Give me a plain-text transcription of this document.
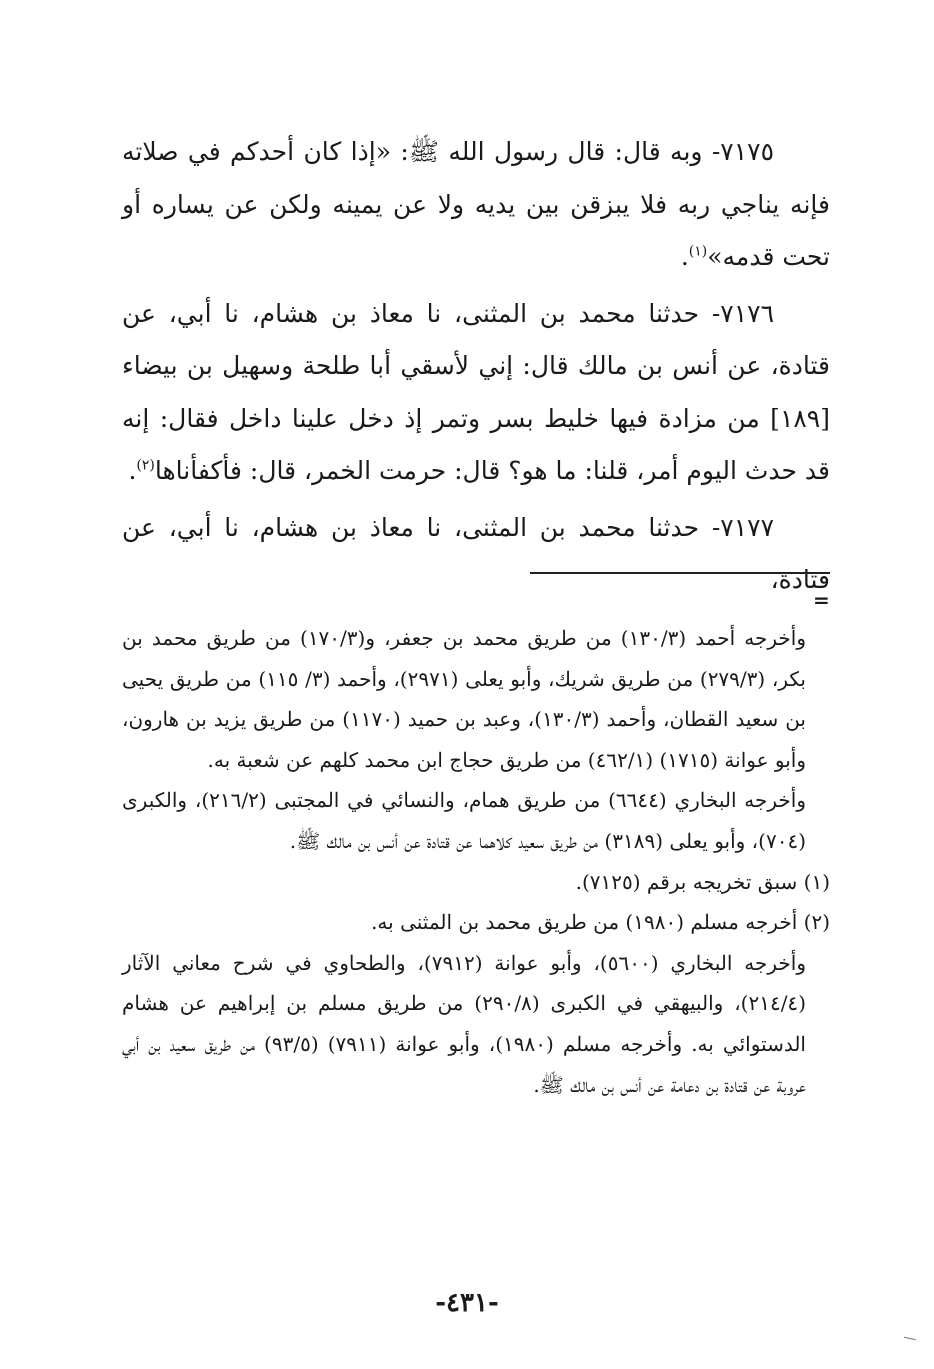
٧١٧٥- وبه قال: قال رسول الله ﷺ: «إذا كان أحدكم في صلاته فإنه يناجي ربه فلا يبزقن بين يديه ولا عن يمينه ولكن عن يساره أو تحت قدمه»$^{(١)}$.

٧١٧٦- حدثنا محمد بن المثنى، نا معاذ بن هشام، نا أبي، عن قتادة، عن أنس بن مالك قال: إني لأسقي أبا طلحة وسهيل بن بيضاء [١٨٩] من مزادة فيها خليط بسر وتمر إذ دخل علينا داخل فقال: إنه قد حدث اليوم أمر، قلنا: ما هو؟ قال: حرمت الخمر، قال: فأكفأناها$^{(٢)}$.

٧١٧٧- حدثنا محمد بن المثنى، نا معاذ بن هشام، نا أبي، عن قتادة،

=

وأخرجه أحمد (١٣٠/٣) من طريق محمد بن جعفر، و(١٧٠/٣) من طريق محمد بن بكر، (٢٧٩/٣) من طريق شريك، وأبو يعلى (٢٩٧١)، وأحمد (٣/ ١١٥) من طريق يحيى بن سعيد القطان، وأحمد (١٣٠/٣)، وعبد بن حميد (١١٧٠) من طريق يزيد بن هارون، وأبو عوانة (١٧١٥) (٤٦٢/١) من طريق حجاج ابن محمد كلهم عن شعبة به.

وأخرجه البخاري (٦٦٤٤) من طريق همام، والنسائي في المجتبى (٢١٦/٢)، والكبرى (٧٠٤)، وأبو يعلى (٣١٨٩) من طريق سعيد كلاهما عن قتادة عن أنس بن مالك ﷺ.

(١) سبق تخريجه برقم (٧١٢٥).

(٢) أخرجه مسلم (١٩٨٠) من طريق محمد بن المثنى به.

وأخرجه البخاري (٥٦٠٠)، وأبو عوانة (٧٩١٢)، والطحاوي في شرح معاني الآثار (٢١٤/٤)، والبيهقي في الكبرى (٢٩٠/٨) من طريق مسلم بن إبراهيم عن هشام الدستوائي به. وأخرجه مسلم (١٩٨٠)، وأبو عوانة (٧٩١١) (٩٣/٥) من طريق سعيد بن أبي عروبة عن قتادة بن دعامة عن أنس بن مالك ﷺ.

-٤٣١-
